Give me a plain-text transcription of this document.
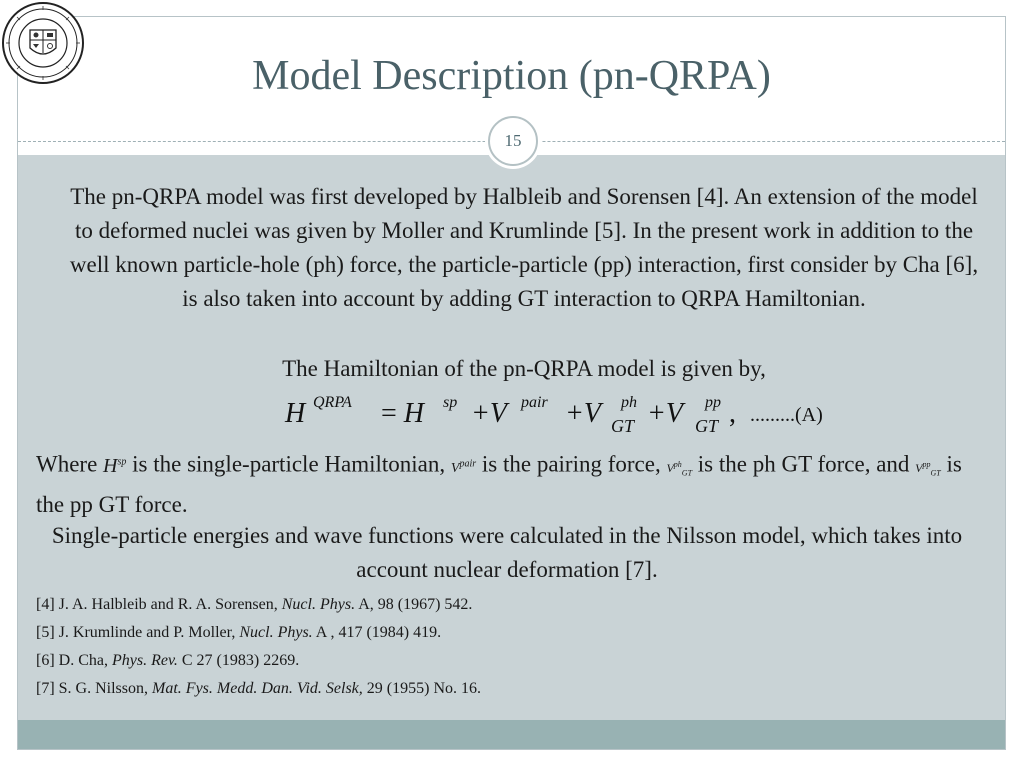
Model Description (pn-QRPA)
15
The pn-QRPA model was first developed by Halbleib and Sorensen [4]. An extension of the model to deformed nuclei was given by Moller and Krumlinde [5]. In the present work in addition to the well known particle-hole (ph) force, the particle-particle (pp) interaction, first consider by Cha [6], is also taken into account by adding GT interaction to QRPA Hamiltonian.
The Hamiltonian of the pn-QRPA model is given by,
H QRPA = H sp +V pair +V ph
GT +V pp
GT , .........(A)
Where $H^{sp}$ is the single-particle Hamiltonian, $V^{pair}$ is the pairing force, $V^{ph}_{GT}$ is the ph GT force, and $V^{pp}_{GT}$ is the pp GT force.
Single-particle energies and wave functions were calculated in the Nilsson model, which takes into account nuclear deformation [7].
[4] J. A. Halbleib and R. A. Sorensen, Nucl. Phys. A, 98 (1967) 542.
[5] J. Krumlinde and P. Moller, Nucl. Phys. A , 417 (1984) 419.
[6] D. Cha, Phys. Rev. C 27 (1983) 2269.
[7] S. G. Nilsson, Mat. Fys. Medd. Dan. Vid. Selsk, 29 (1955) No. 16.
